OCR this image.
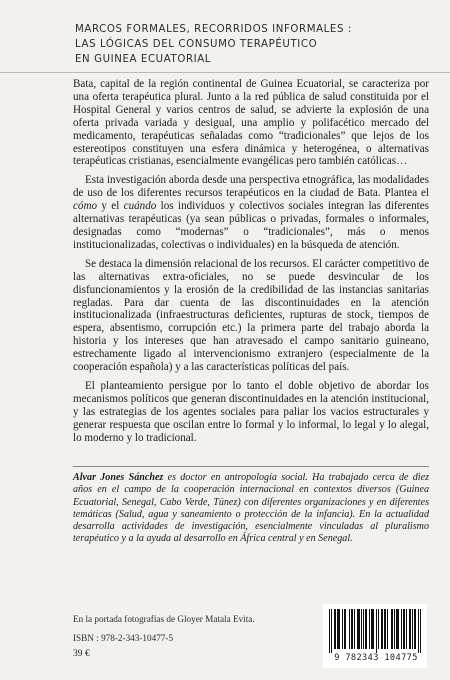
MARCOS FORMALES, RECORRIDOS INFORMALES :
LAS LÓGICAS DEL CONSUMO TERAPÉUTICO
EN GUINEA ECUATORIAL

Bata, capital de la región continental de Guinea Ecuatorial, se caracteriza por una oferta terapéutica plural. Junto a la red pública de salud constituida por el Hospital General y varios centros de salud, se advierte la explosión de una oferta privada variada y desigual, una amplio y polifacético mercado del medicamento, terapéuticas señaladas como “tradicionales” que lejos de los estereotipos constituyen una esfera dinámica y heterogénea, o alternativas terapéuticas cristianas, esencialmente evangélicas pero también católicas…

Esta investigación aborda desde una perspectiva etnográfica, las modalidades de uso de los diferentes recursos terapéuticos en la ciudad de Bata. Plantea el cómo y el cuándo los individuos y colectivos sociales integran las diferentes alternativas terapéuticas (ya sean públicas o privadas, formales o informales, designadas como “modernas” o “tradicionales”, más o menos institucionalizadas, colectivas o individuales) en la búsqueda de atención.

Se destaca la dimensión relacional de los recursos. El carácter competitivo de las alternativas extra-oficiales, no se puede desvincular de los disfuncionamientos y la erosión de la credibilidad de las instancias sanitarias regladas. Para dar cuenta de las discontinuidades en la atención institucionalizada (infraestructuras deficientes, rupturas de stock, tiempos de espera, absentismo, corrupción etc.) la primera parte del trabajo aborda la historia y los intereses que han atravesado el campo sanitario guineano, estrechamente ligado al intervencionismo extranjero (especialmente de la cooperación española) y a las características políticas del país.

El planteamiento persigue por lo tanto el doble objetivo de abordar los mecanismos políticos que generan discontinuidades en la atención institucional, y las estrategias de los agentes sociales para paliar los vacios estructurales y generar respuesta que oscilan entre lo formal y lo informal, lo legal y lo alegal, lo moderno y lo tradicional.

Alvar Jones Sánchez es doctor en antropología social. Ha trabajado cerca de diez años en el campo de la cooperación internacional en contextos diversos (Guinea Ecuatorial, Senegal, Cabo Verde, Túnez) con diferentes organizaciones y en diferentes temáticas (Salud, agua y saneamiento o protección de la infancia). En la actualidad desarrolla actividades de investigación, esencialmente vinculadas al pluralismo terapéutico y a la ayuda al desarrollo en África central y en Senegal.
En la portada fotografías de Gloyer Matala Evita.
ISBN : 978-2-343-10477-5
39 €	9 782343 104775
